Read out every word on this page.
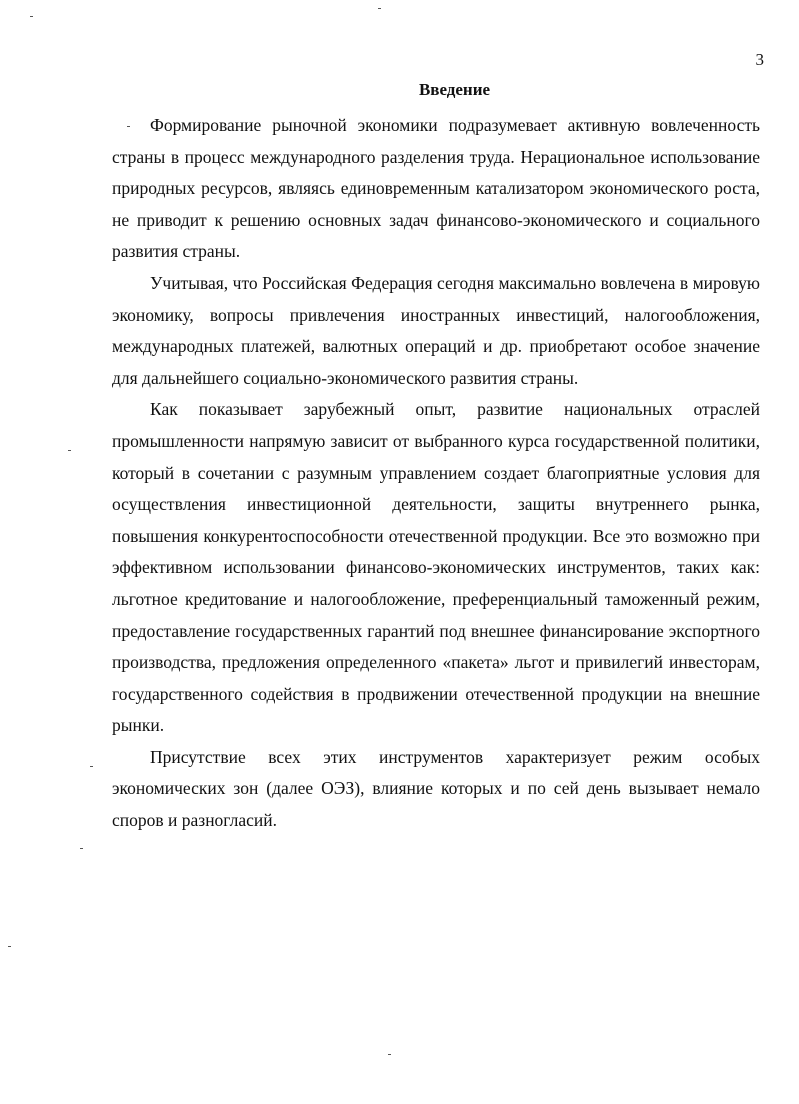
3
Введение

Формирование рыночной экономики подразумевает активную вовлеченность страны в процесс международного разделения труда. Нерациональное использование природных ресурсов, являясь единовременным катализатором экономического роста, не приводит к решению основных задач финансово-экономического и социального развития страны.

Учитывая, что Российская Федерация сегодня максимально вовлечена в мировую экономику, вопросы привлечения иностранных инвестиций, налогообложения, международных платежей, валютных операций и др. приобретают особое значение для дальнейшего социально-экономического развития страны.

Как показывает зарубежный опыт, развитие национальных отраслей промышленности напрямую зависит от выбранного курса государственной политики, который в сочетании с разумным управлением создает благоприятные условия для осуществления инвестиционной деятельности, защиты внутреннего рынка, повышения конкурентоспособности отечественной продукции. Все это возможно при эффективном использовании финансово-экономических инструментов, таких как: льготное кредитование и налогообложение, преференциальный таможенный режим, предоставление государственных гарантий под внешнее финансирование экспортного производства, предложения определенного «пакета» льгот и привилегий инвесторам, государственного содействия в продвижении отечественной продукции на внешние рынки.

Присутствие всех этих инструментов характеризует режим особых экономических зон (далее ОЭЗ), влияние которых и по сей день вызывает немало споров и разногласий.
